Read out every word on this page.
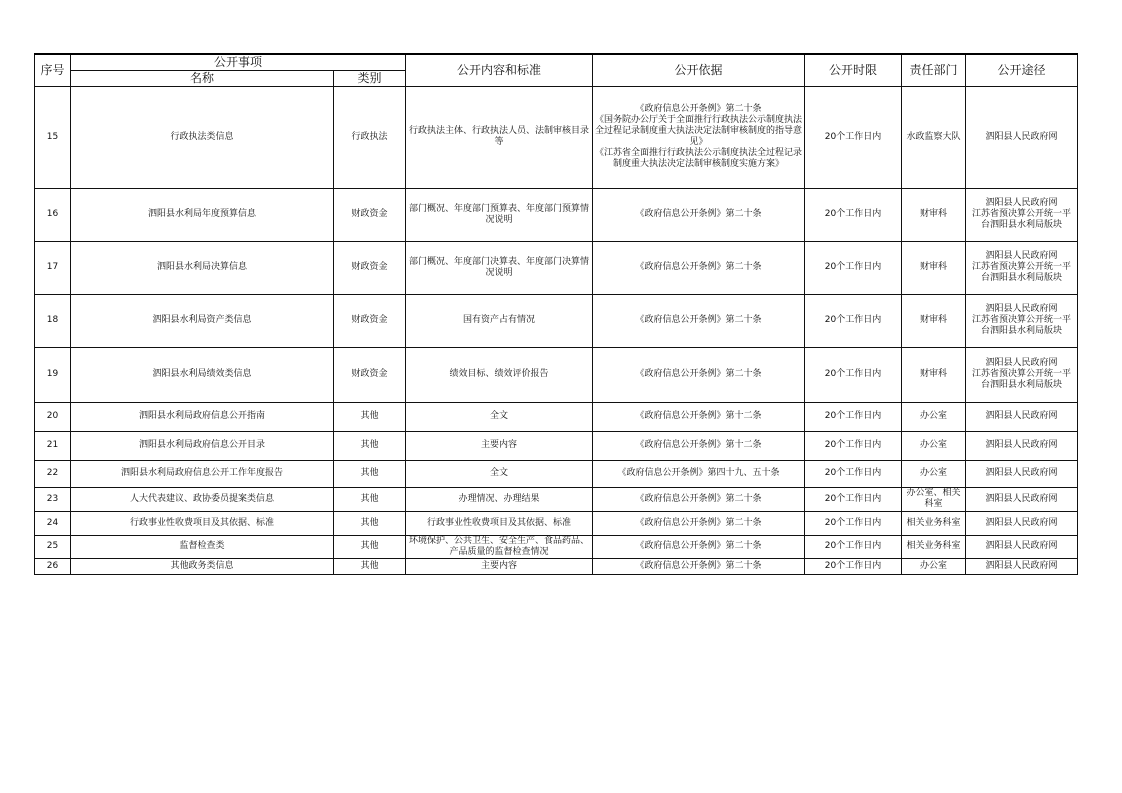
序号	公开事项		公开内容和标准	公开依据	公开时限	责任部门	公开途径
	名称	类别					
15	行政执法类信息	行政执法	行政执法主体、行政执法人员、法制审核目录等	《政府信息公开条例》第二十条
《国务院办公厅关于全面推行行政执法公示制度执法全过程记录制度重大执法决定法制审核制度的指导意见》
《江苏省全面推行行政执法公示制度执法全过程记录制度重大执法决定法制审核制度实施方案》	20个工作日内	水政监察大队	泗阳县人民政府网

16	泗阳县水利局年度预算信息	财政资金	部门概况、年度部门预算表、年度部门预算情况说明	《政府信息公开条例》第二十条	20个工作日内	财审科	泗阳县人民政府网
江苏省预决算公开统一平台泗阳县水利局版块

17	泗阳县水利局决算信息	财政资金	部门概况、年度部门决算表、年度部门决算情况说明	《政府信息公开条例》第二十条	20个工作日内	财审科	泗阳县人民政府网
江苏省预决算公开统一平台泗阳县水利局版块

18	泗阳县水利局资产类信息	财政资金	国有资产占有情况	《政府信息公开条例》第二十条	20个工作日内	财审科	泗阳县人民政府网
江苏省预决算公开统一平台泗阳县水利局版块

19	泗阳县水利局绩效类信息	财政资金	绩效目标、绩效评价报告	《政府信息公开条例》第二十条	20个工作日内	财审科	泗阳县人民政府网
江苏省预决算公开统一平台泗阳县水利局版块

20	泗阳县水利局政府信息公开指南	其他	全文	《政府信息公开条例》第十二条	20个工作日内	办公室	泗阳县人民政府网

21	泗阳县水利局政府信息公开目录	其他	主要内容	《政府信息公开条例》第十二条	20个工作日内	办公室	泗阳县人民政府网

22	泗阳县水利局政府信息公开工作年度报告	其他	全文	《政府信息公开条例》第四十九、五十条	20个工作日内	办公室	泗阳县人民政府网

23	人大代表建议、政协委员提案类信息	其他	办理情况、办理结果	《政府信息公开条例》第二十条	20个工作日内	办公室、相关科室	泗阳县人民政府网

24	行政事业性收费项目及其依据、标准	其他	行政事业性收费项目及其依据、标准	《政府信息公开条例》第二十条	20个工作日内	相关业务科室	泗阳县人民政府网

25	监督检查类	其他	环境保护、公共卫生、安全生产、食品药品、产品质量的监督检查情况	《政府信息公开条例》第二十条	20个工作日内	相关业务科室	泗阳县人民政府网

26	其他政务类信息	其他	主要内容	《政府信息公开条例》第二十条	20个工作日内	办公室	泗阳县人民政府网
